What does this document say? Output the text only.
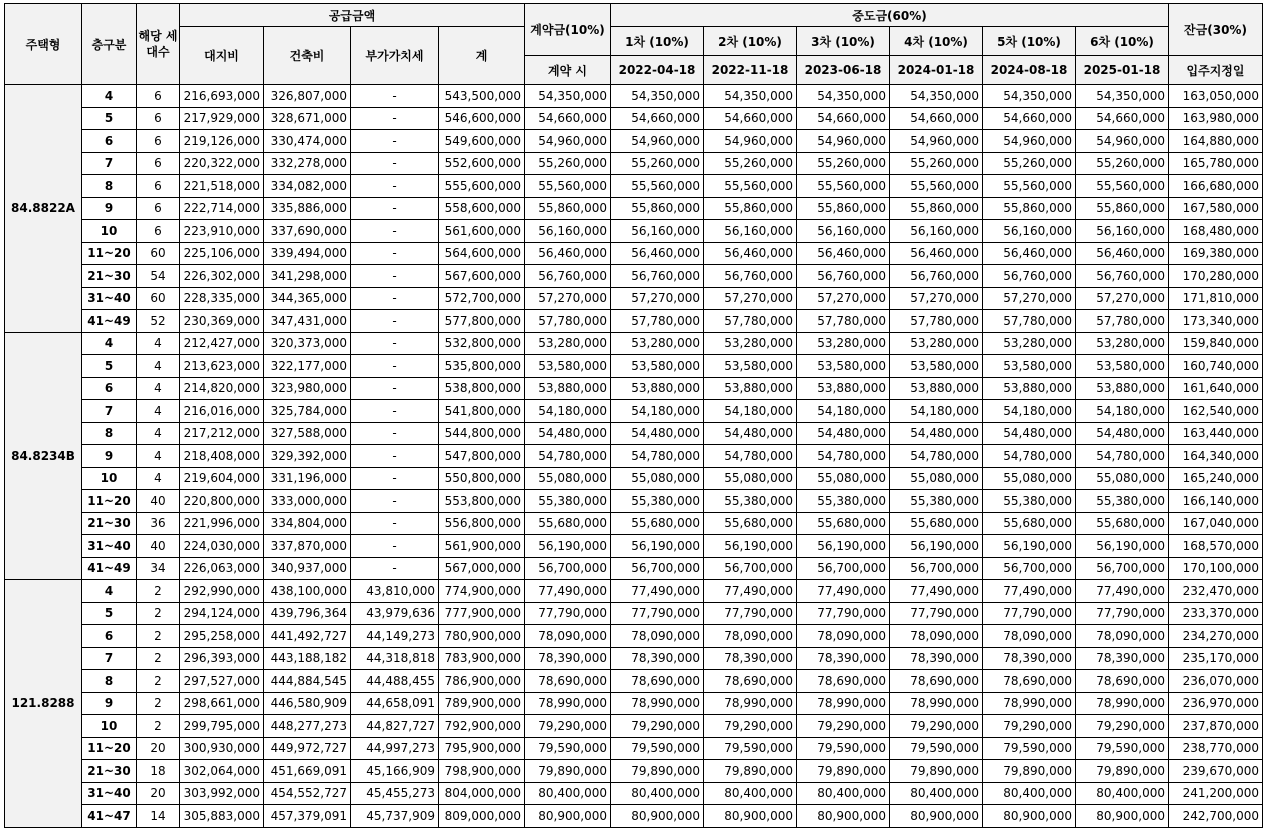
주택형	층구분	해당 세대수	공급금액				계약금(10%)	중도금(60%)						잔금(30%)
			대지비	건축비	부가가치세	계		1차 (10%)	2차 (10%)	3차 (10%)	4차 (10%)	5차 (10%)	6차 (10%)	
							계약 시	2022-04-18	2022-11-18	2023-06-18	2024-01-18	2024-08-18	2025-01-18	입주지정일
84.8822A	4	6	216,693,000	326,807,000	-	543,500,000	54,350,000	54,350,000	54,350,000	54,350,000	54,350,000	54,350,000	54,350,000	163,050,000
	5	6	217,929,000	328,671,000	-	546,600,000	54,660,000	54,660,000	54,660,000	54,660,000	54,660,000	54,660,000	54,660,000	163,980,000
	6	6	219,126,000	330,474,000	-	549,600,000	54,960,000	54,960,000	54,960,000	54,960,000	54,960,000	54,960,000	54,960,000	164,880,000
	7	6	220,322,000	332,278,000	-	552,600,000	55,260,000	55,260,000	55,260,000	55,260,000	55,260,000	55,260,000	55,260,000	165,780,000
	8	6	221,518,000	334,082,000	-	555,600,000	55,560,000	55,560,000	55,560,000	55,560,000	55,560,000	55,560,000	55,560,000	166,680,000
	9	6	222,714,000	335,886,000	-	558,600,000	55,860,000	55,860,000	55,860,000	55,860,000	55,860,000	55,860,000	55,860,000	167,580,000
	10	6	223,910,000	337,690,000	-	561,600,000	56,160,000	56,160,000	56,160,000	56,160,000	56,160,000	56,160,000	56,160,000	168,480,000
	11~20	60	225,106,000	339,494,000	-	564,600,000	56,460,000	56,460,000	56,460,000	56,460,000	56,460,000	56,460,000	56,460,000	169,380,000
	21~30	54	226,302,000	341,298,000	-	567,600,000	56,760,000	56,760,000	56,760,000	56,760,000	56,760,000	56,760,000	56,760,000	170,280,000
	31~40	60	228,335,000	344,365,000	-	572,700,000	57,270,000	57,270,000	57,270,000	57,270,000	57,270,000	57,270,000	57,270,000	171,810,000
	41~49	52	230,369,000	347,431,000	-	577,800,000	57,780,000	57,780,000	57,780,000	57,780,000	57,780,000	57,780,000	57,780,000	173,340,000
84.8234B	4	4	212,427,000	320,373,000	-	532,800,000	53,280,000	53,280,000	53,280,000	53,280,000	53,280,000	53,280,000	53,280,000	159,840,000
	5	4	213,623,000	322,177,000	-	535,800,000	53,580,000	53,580,000	53,580,000	53,580,000	53,580,000	53,580,000	53,580,000	160,740,000
	6	4	214,820,000	323,980,000	-	538,800,000	53,880,000	53,880,000	53,880,000	53,880,000	53,880,000	53,880,000	53,880,000	161,640,000
	7	4	216,016,000	325,784,000	-	541,800,000	54,180,000	54,180,000	54,180,000	54,180,000	54,180,000	54,180,000	54,180,000	162,540,000
	8	4	217,212,000	327,588,000	-	544,800,000	54,480,000	54,480,000	54,480,000	54,480,000	54,480,000	54,480,000	54,480,000	163,440,000
	9	4	218,408,000	329,392,000	-	547,800,000	54,780,000	54,780,000	54,780,000	54,780,000	54,780,000	54,780,000	54,780,000	164,340,000
	10	4	219,604,000	331,196,000	-	550,800,000	55,080,000	55,080,000	55,080,000	55,080,000	55,080,000	55,080,000	55,080,000	165,240,000
	11~20	40	220,800,000	333,000,000	-	553,800,000	55,380,000	55,380,000	55,380,000	55,380,000	55,380,000	55,380,000	55,380,000	166,140,000
	21~30	36	221,996,000	334,804,000	-	556,800,000	55,680,000	55,680,000	55,680,000	55,680,000	55,680,000	55,680,000	55,680,000	167,040,000
	31~40	40	224,030,000	337,870,000	-	561,900,000	56,190,000	56,190,000	56,190,000	56,190,000	56,190,000	56,190,000	56,190,000	168,570,000
	41~49	34	226,063,000	340,937,000	-	567,000,000	56,700,000	56,700,000	56,700,000	56,700,000	56,700,000	56,700,000	56,700,000	170,100,000
121.8288	4	2	292,990,000	438,100,000	43,810,000	774,900,000	77,490,000	77,490,000	77,490,000	77,490,000	77,490,000	77,490,000	77,490,000	232,470,000
	5	2	294,124,000	439,796,364	43,979,636	777,900,000	77,790,000	77,790,000	77,790,000	77,790,000	77,790,000	77,790,000	77,790,000	233,370,000
	6	2	295,258,000	441,492,727	44,149,273	780,900,000	78,090,000	78,090,000	78,090,000	78,090,000	78,090,000	78,090,000	78,090,000	234,270,000
	7	2	296,393,000	443,188,182	44,318,818	783,900,000	78,390,000	78,390,000	78,390,000	78,390,000	78,390,000	78,390,000	78,390,000	235,170,000
	8	2	297,527,000	444,884,545	44,488,455	786,900,000	78,690,000	78,690,000	78,690,000	78,690,000	78,690,000	78,690,000	78,690,000	236,070,000
	9	2	298,661,000	446,580,909	44,658,091	789,900,000	78,990,000	78,990,000	78,990,000	78,990,000	78,990,000	78,990,000	78,990,000	236,970,000
	10	2	299,795,000	448,277,273	44,827,727	792,900,000	79,290,000	79,290,000	79,290,000	79,290,000	79,290,000	79,290,000	79,290,000	237,870,000
	11~20	20	300,930,000	449,972,727	44,997,273	795,900,000	79,590,000	79,590,000	79,590,000	79,590,000	79,590,000	79,590,000	79,590,000	238,770,000
	21~30	18	302,064,000	451,669,091	45,166,909	798,900,000	79,890,000	79,890,000	79,890,000	79,890,000	79,890,000	79,890,000	79,890,000	239,670,000
	31~40	20	303,992,000	454,552,727	45,455,273	804,000,000	80,400,000	80,400,000	80,400,000	80,400,000	80,400,000	80,400,000	80,400,000	241,200,000
	41~47	14	305,883,000	457,379,091	45,737,909	809,000,000	80,900,000	80,900,000	80,900,000	80,900,000	80,900,000	80,900,000	80,900,000	242,700,000
